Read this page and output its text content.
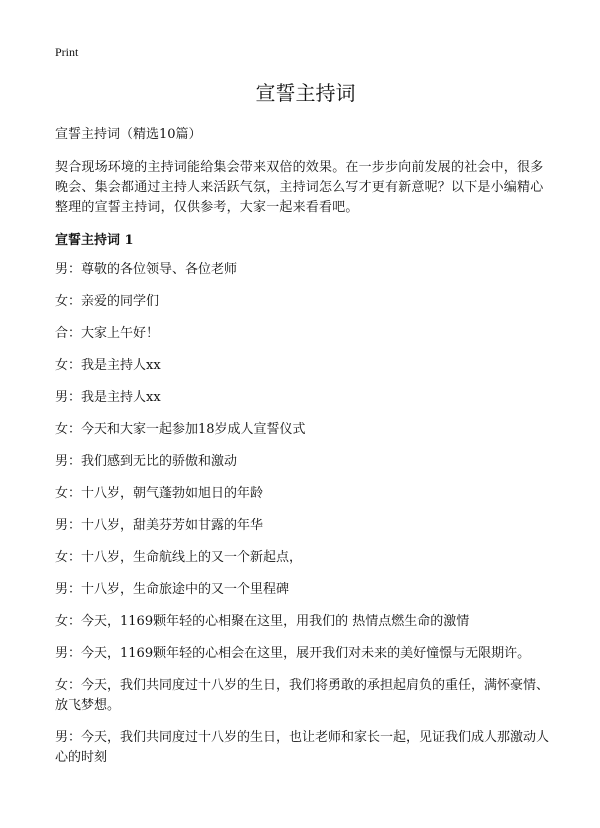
Print

宣誓主持词

宣誓主持词（精选10篇）

契合现场环境的主持词能给集会带来双倍的效果。在一步步向前发展的社会中，很多晚会、集会都通过主持人来活跃气氛，主持词怎么写才更有新意呢？以下是小编精心整理的宣誓主持词，仅供参考，大家一起来看看吧。

宣誓主持词 1

男：尊敬的各位领导、各位老师
女：亲爱的同学们
合：大家上午好！
女：我是主持人xx
男：我是主持人xx
女：今天和大家一起参加18岁成人宣誓仪式
男：我们感到无比的骄傲和激动
女：十八岁，朝气蓬勃如旭日的年龄
男：十八岁，甜美芬芳如甘露的年华
女：十八岁，生命航线上的又一个新起点，
男：十八岁，生命旅途中的又一个里程碑
女：今天，1169颗年轻的心相聚在这里，用我们的 热情点燃生命的激情
男：今天，1169颗年轻的心相会在这里，展开我们对未来的美好憧憬与无限期许。
女：今天，我们共同度过十八岁的生日，我们将勇敢的承担起肩负的重任，满怀豪情、放飞梦想。
男：今天，我们共同度过十八岁的生日，也让老师和家长一起，见证我们成人那激动人心的时刻
